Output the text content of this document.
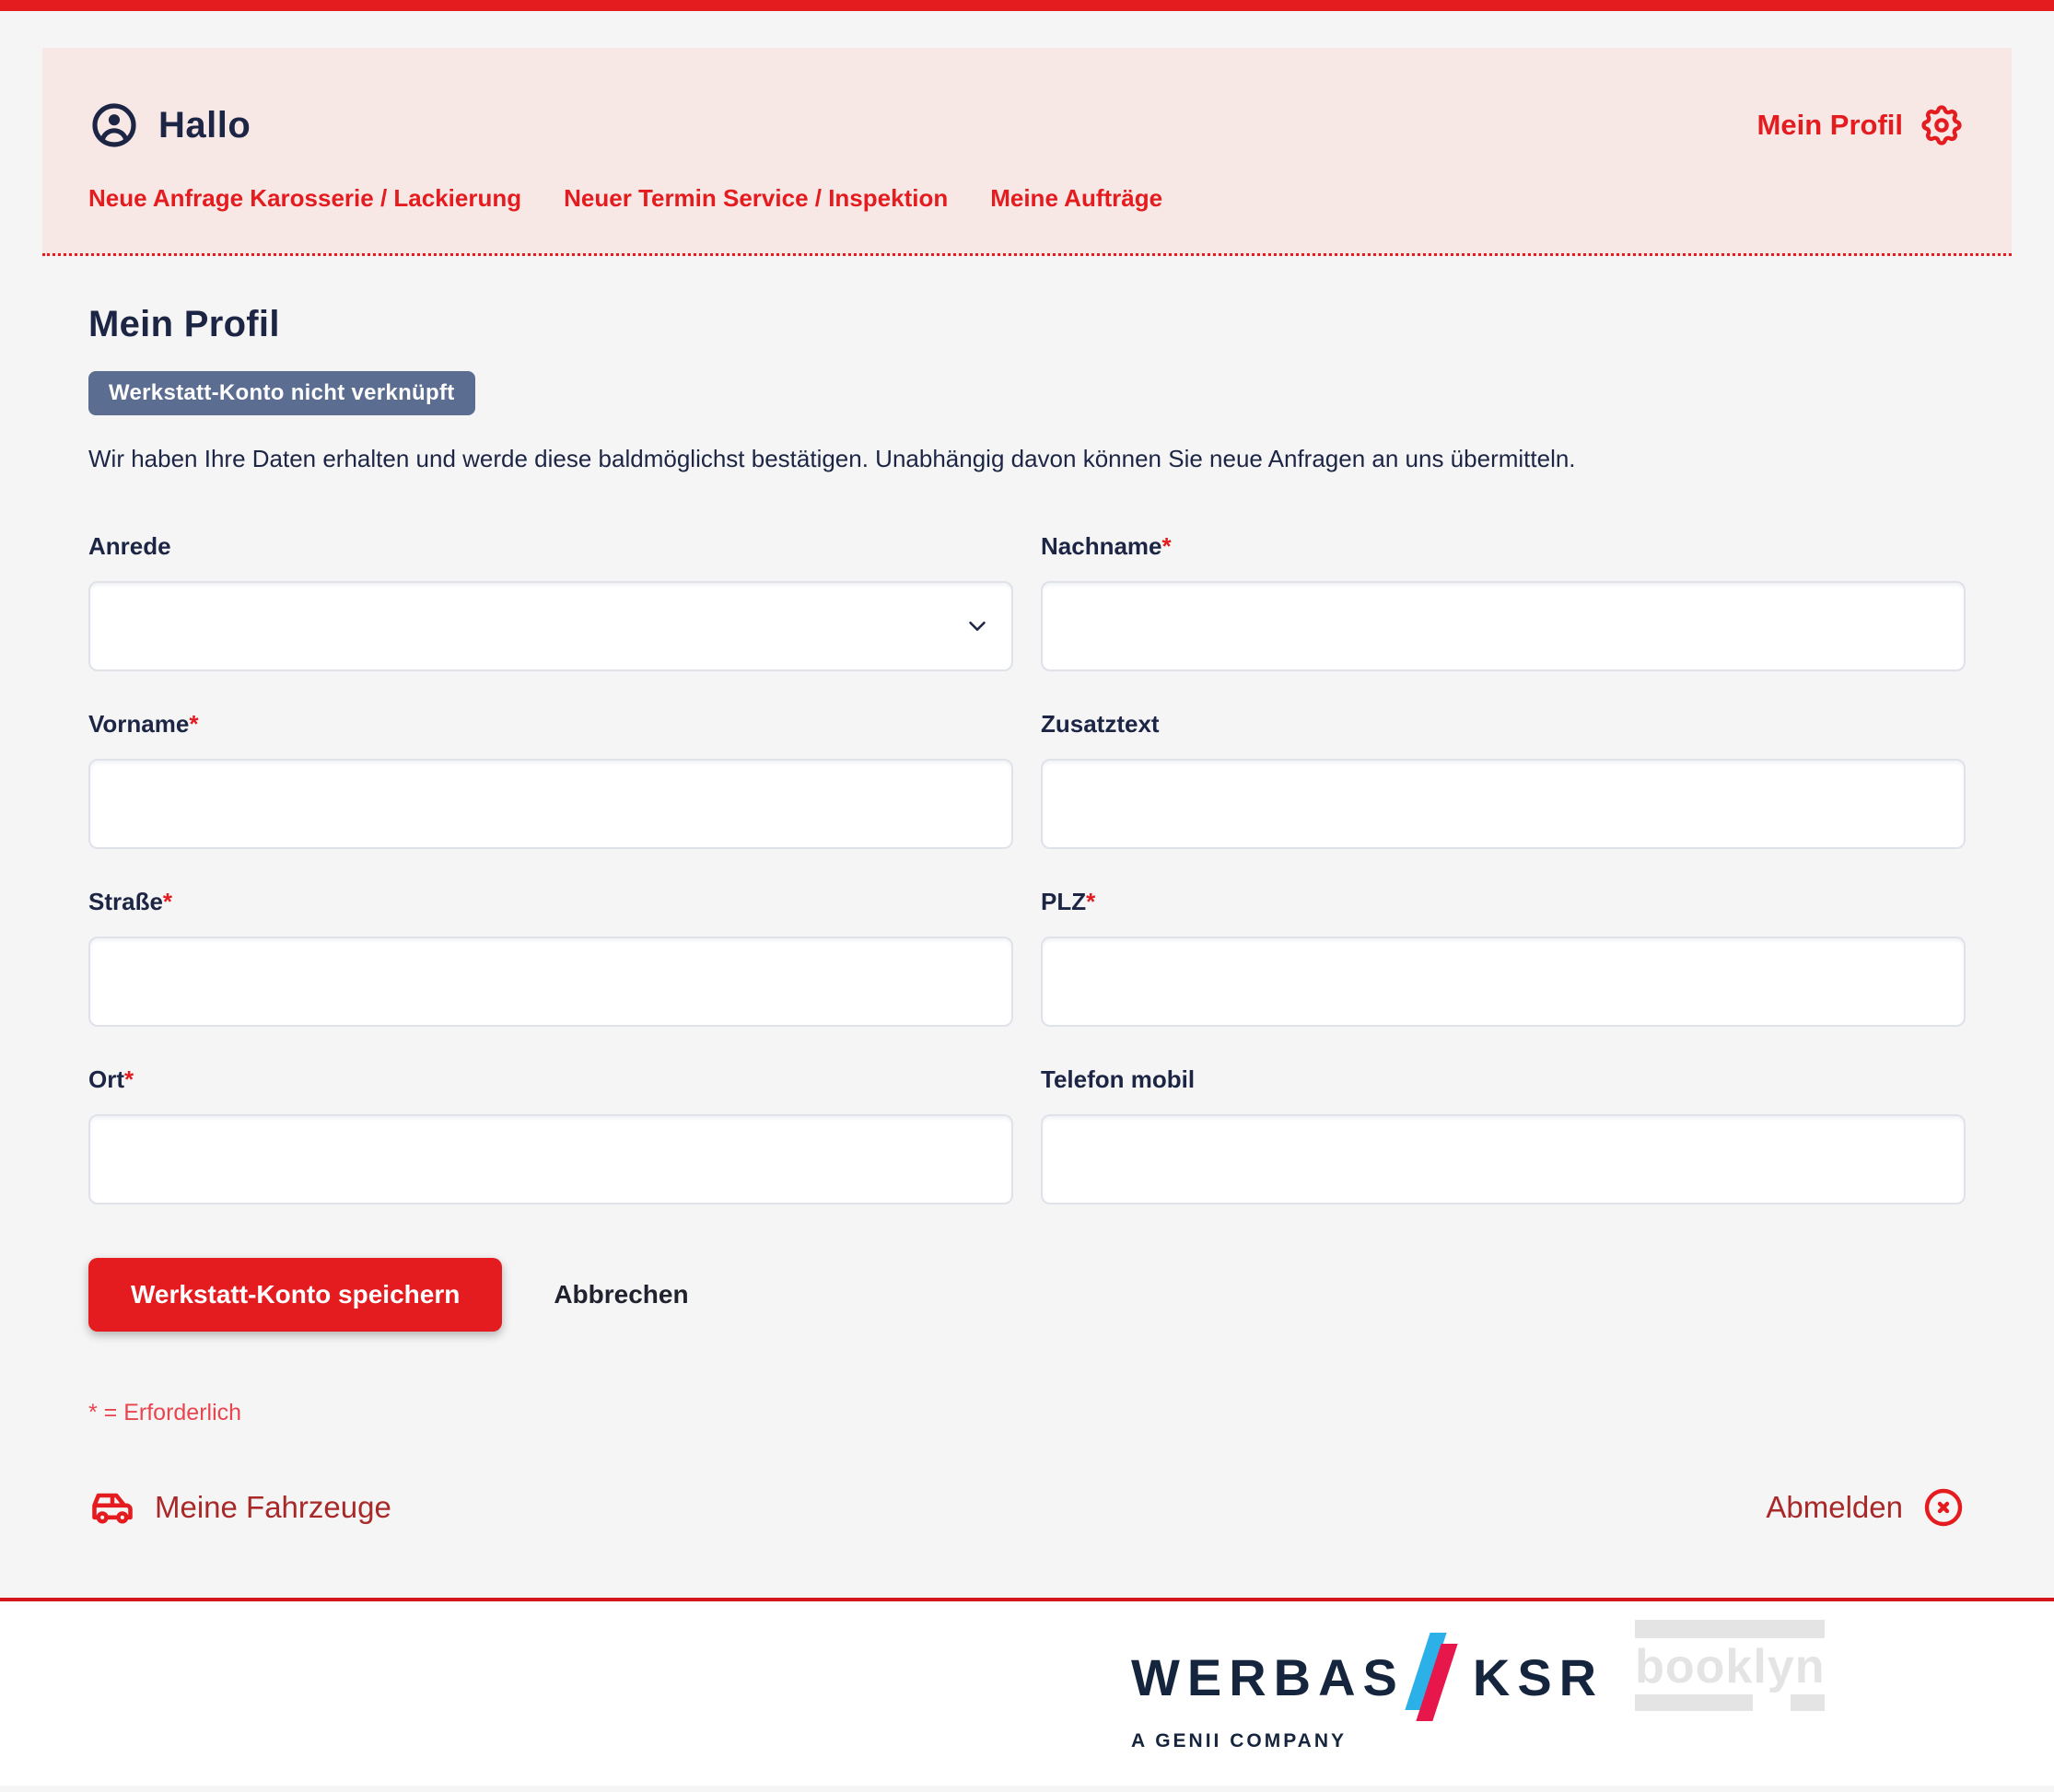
Hallo	Mein Profil
Neue Anfrage Karosserie / Lackierung Neuer Termin Service / Inspektion Meine Aufträge
Mein Profil
Werkstatt-Konto nicht verknüpft
Wir haben Ihre Daten erhalten und werde diese baldmöglichst bestätigen. Unabhängig davon können Sie neue Anfragen an uns übermitteln.
Anrede	Nachname*
Vorname*	Zusatztext
Straße*	PLZ*
Ort*	Telefon mobil
Werkstatt-Konto speichern	Abbrechen
* = Erforderlich
Meine Fahrzeuge	Abmelden
WERBAS KSR
A GENII COMPANY
booklyn
